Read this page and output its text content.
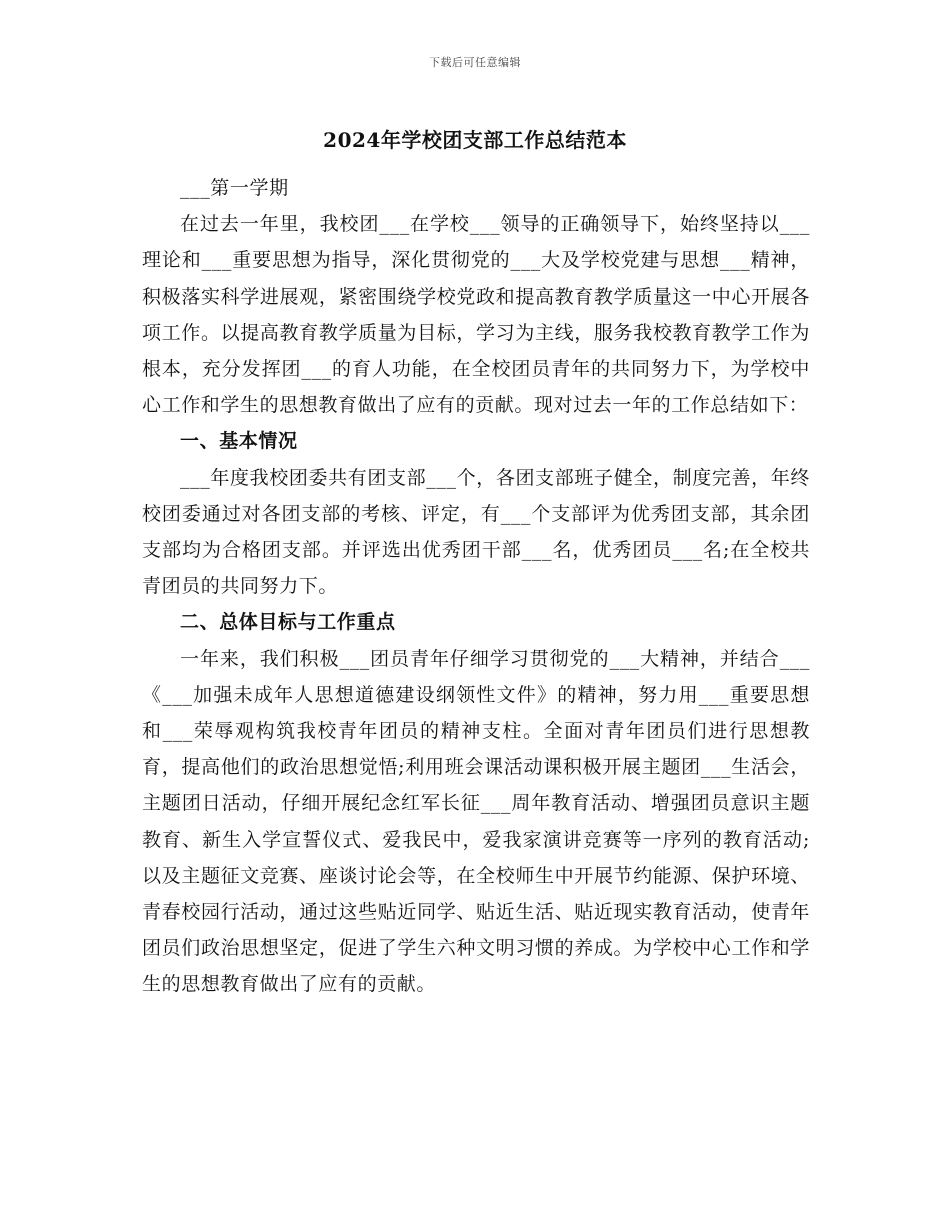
下载后可任意编辑
2024年学校团支部工作总结范本

___第一学期

在过去一年里，我校团___在学校___领导的正确领导下，始终坚持以___理论和___重要思想为指导，深化贯彻党的___大及学校党建与思想___精神，积极落实科学进展观，紧密围绕学校党政和提高教育教学质量这一中心开展各项工作。以提高教育教学质量为目标，学习为主线，服务我校教育教学工作为根本，充分发挥团___的育人功能，在全校团员青年的共同努力下，为学校中心工作和学生的思想教育做出了应有的贡献。现对过去一年的工作总结如下：

一、基本情况

___年度我校团委共有团支部___个，各团支部班子健全，制度完善，年终校团委通过对各团支部的考核、评定，有___个支部评为优秀团支部，其余团支部均为合格团支部。并评选出优秀团干部___名，优秀团员___名;在全校共青团员的共同努力下。

二、总体目标与工作重点

一年来，我们积极___团员青年仔细学习贯彻党的___大精神，并结合___《___加强未成年人思想道德建设纲领性文件》的精神，努力用___重要思想和___荣辱观构筑我校青年团员的精神支柱。全面对青年团员们进行思想教育，提高他们的政治思想觉悟;利用班会课活动课积极开展主题团___生活会，主题团日活动，仔细开展纪念红军长征___周年教育活动、增强团员意识主题教育、新生入学宣誓仪式、爱我民中，爱我家演讲竞赛等一序列的教育活动;以及主题征文竞赛、座谈讨论会等，在全校师生中开展节约能源、保护环境、青春校园行活动，通过这些贴近同学、贴近生活、贴近现实教育活动，使青年团员们政治思想坚定，促进了学生六种文明习惯的养成。为学校中心工作和学生的思想教育做出了应有的贡献。
